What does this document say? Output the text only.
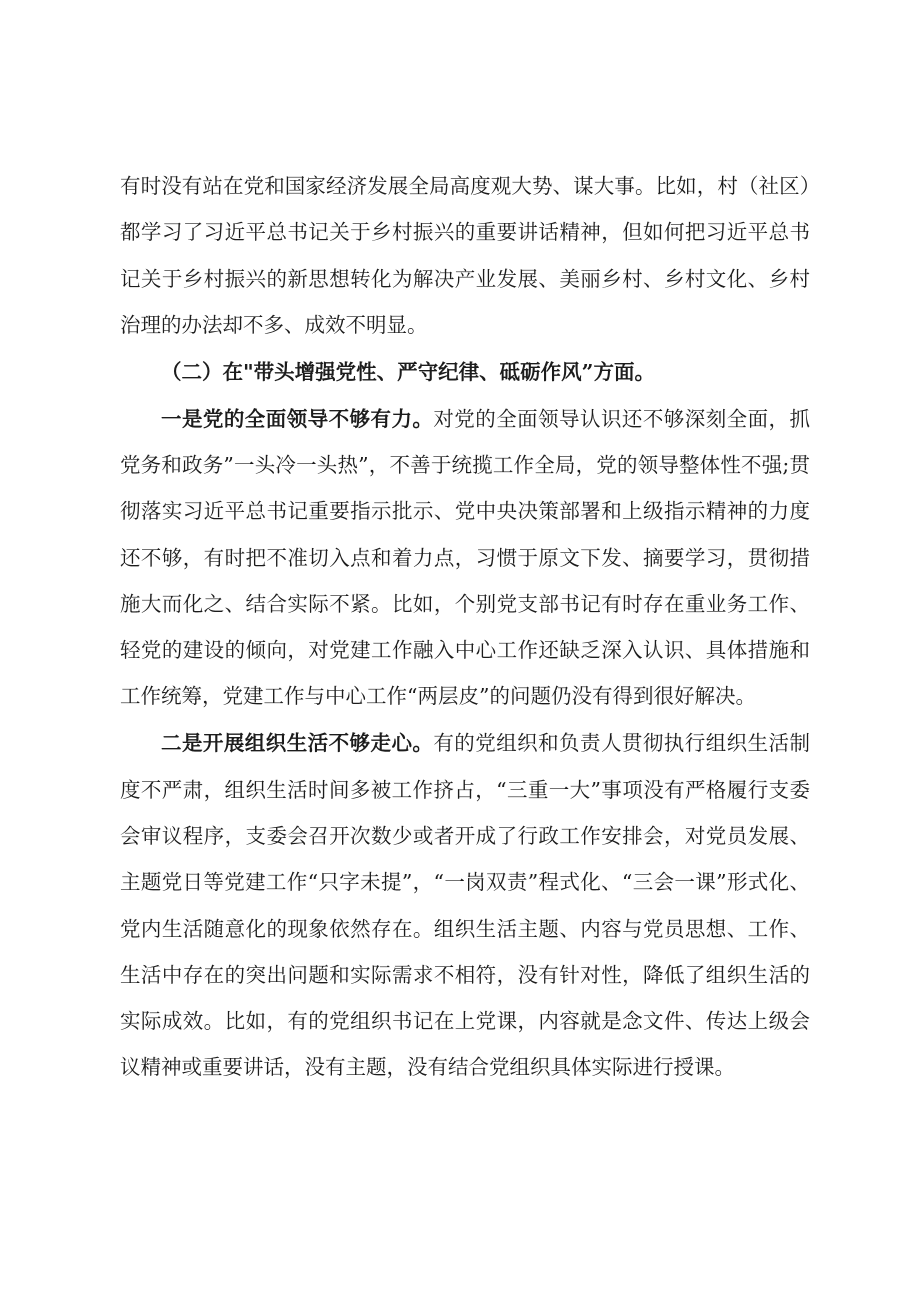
有时没有站在党和国家经济发展全局高度观大势、谋大事。比如，村（社区）都学习了习近平总书记关于乡村振兴的重要讲话精神，但如何把习近平总书记关于乡村振兴的新思想转化为解决产业发展、美丽乡村、乡村文化、乡村治理的办法却不多、成效不明显。

（二）在"带头增强党性、严守纪律、砥砺作风”方面。

一是党的全面领导不够有力。对党的全面领导认识还不够深刻全面，抓党务和政务”一头冷一头热”，不善于统揽工作全局，党的领导整体性不强;贯彻落实习近平总书记重要指示批示、党中央决策部署和上级指示精神的力度还不够，有时把不准切入点和着力点，习惯于原文下发、摘要学习，贯彻措施大而化之、结合实际不紧。比如，个别党支部书记有时存在重业务工作、轻党的建设的倾向，对党建工作融入中心工作还缺乏深入认识、具体措施和工作统筹，党建工作与中心工作“两层皮”的问题仍没有得到很好解决。

二是开展组织生活不够走心。有的党组织和负责人贯彻执行组织生活制度不严肃，组织生活时间多被工作挤占，“三重一大”事项没有严格履行支委会审议程序，支委会召开次数少或者开成了行政工作安排会，对党员发展、主题党日等党建工作“只字未提”，“一岗双责”程式化、“三会一课”形式化、党内生活随意化的现象依然存在。组织生活主题、内容与党员思想、工作、生活中存在的突出问题和实际需求不相符，没有针对性，降低了组织生活的实际成效。比如，有的党组织书记在上党课，内容就是念文件、传达上级会议精神或重要讲话，没有主题，没有结合党组织具体实际进行授课。
